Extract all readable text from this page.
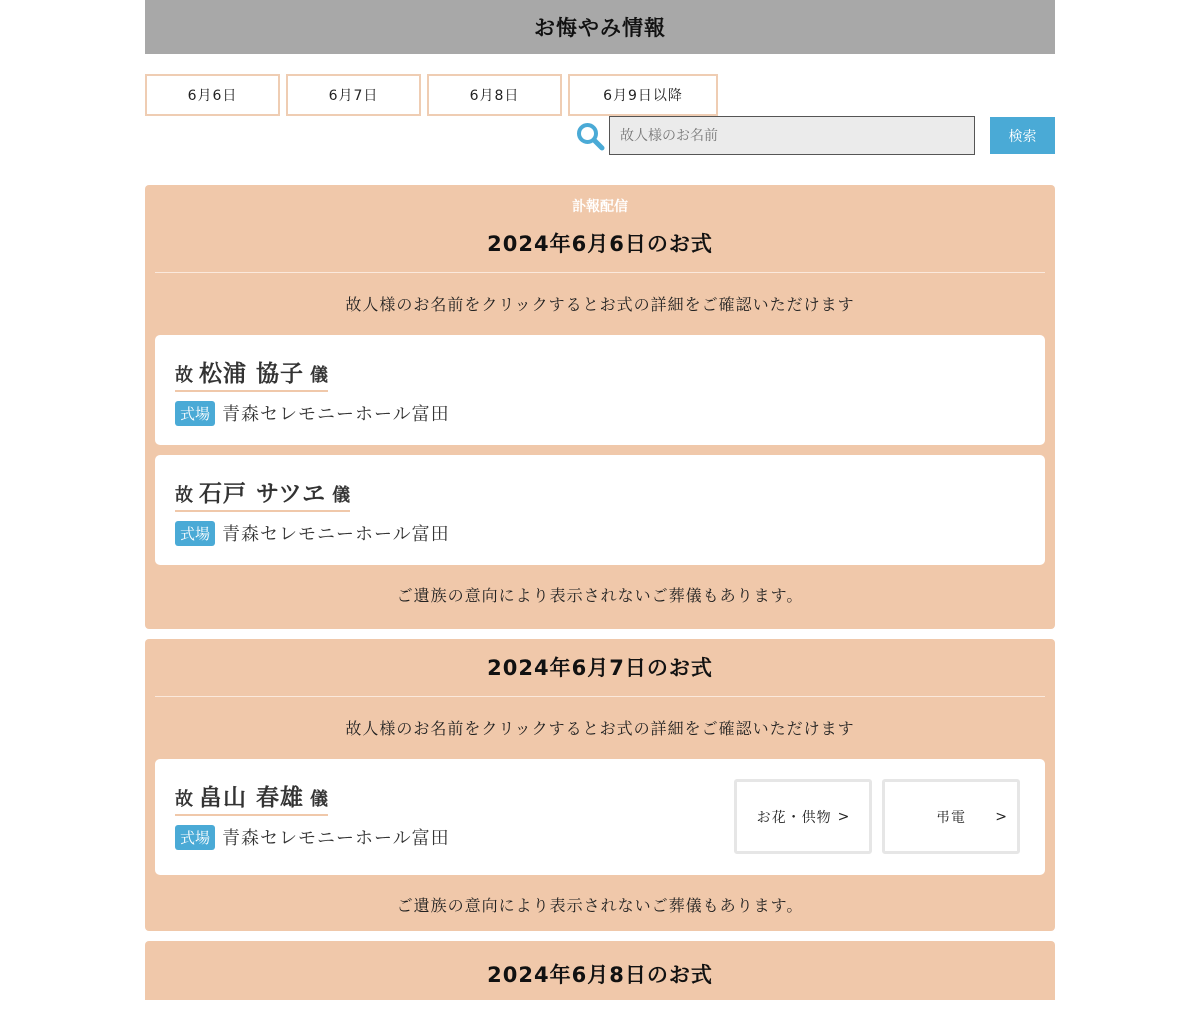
お悔やみ情報
6月6日	6月7日	6月8日	6月9日以降
故人様のお名前
検索
訃報配信
2024年6月6日のお式
故人様のお名前をクリックするとお式の詳細をご確認いただけます
故 松浦 協子 儀
式場 青森セレモニーホール富田
故 石戸 サツヱ 儀
式場 青森セレモニーホール富田
ご遺族の意向により表示されないご葬儀もあります。
2024年6月7日のお式
故人様のお名前をクリックするとお式の詳細をご確認いただけます
故 畠山 春雄 儀
式場 青森セレモニーホール富田
お花・供物 >	弔電 >
ご遺族の意向により表示されないご葬儀もあります。
2024年6月8日のお式
